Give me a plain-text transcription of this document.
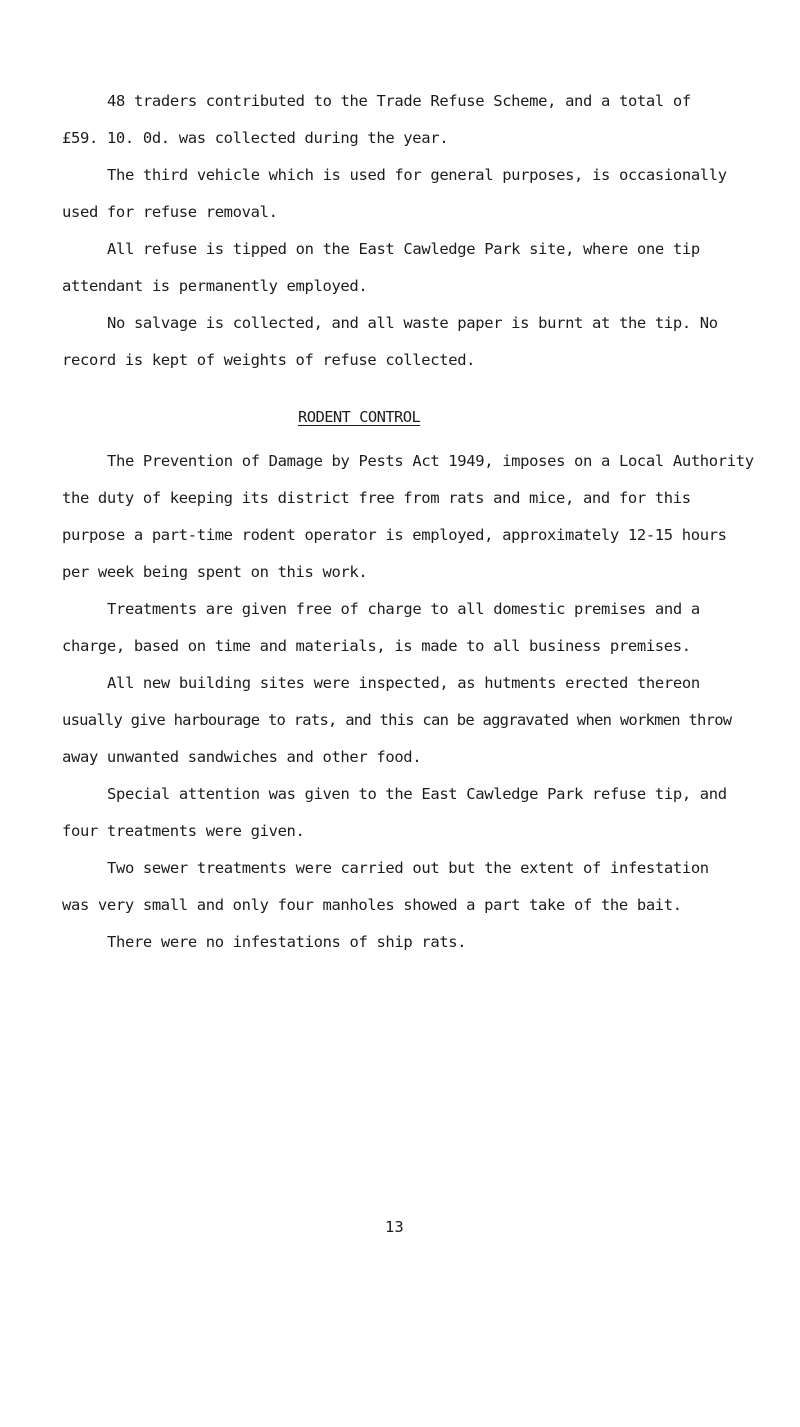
48 traders contributed to the Trade Refuse Scheme, and a total of
£59. 10. 0d. was collected during the year.
The third vehicle which is used for general purposes, is occasionally
used for refuse removal.
All refuse is tipped on the East Cawledge Park site, where one tip
attendant is permanently employed.
No salvage is collected, and all waste paper is burnt at the tip. No
record is kept of weights of refuse collected.
RODENT CONTROL
The Prevention of Damage by Pests Act 1949, imposes on a Local Authority
the duty of keeping its district free from rats and mice, and for this
purpose a part-time rodent operator is employed, approximately 12-15 hours
per week being spent on this work.
Treatments are given free of charge to all domestic premises and a
charge, based on time and materials, is made to all business premises.
All new building sites were inspected, as hutments erected thereon
usually give harbourage to rats, and this can be aggravated when workmen throw
away unwanted sandwiches and other food.
Special attention was given to the East Cawledge Park refuse tip, and
four treatments were given.
Two sewer treatments were carried out but the extent of infestation
was very small and only four manholes showed a part take of the bait.
There were no infestations of ship rats.
13
